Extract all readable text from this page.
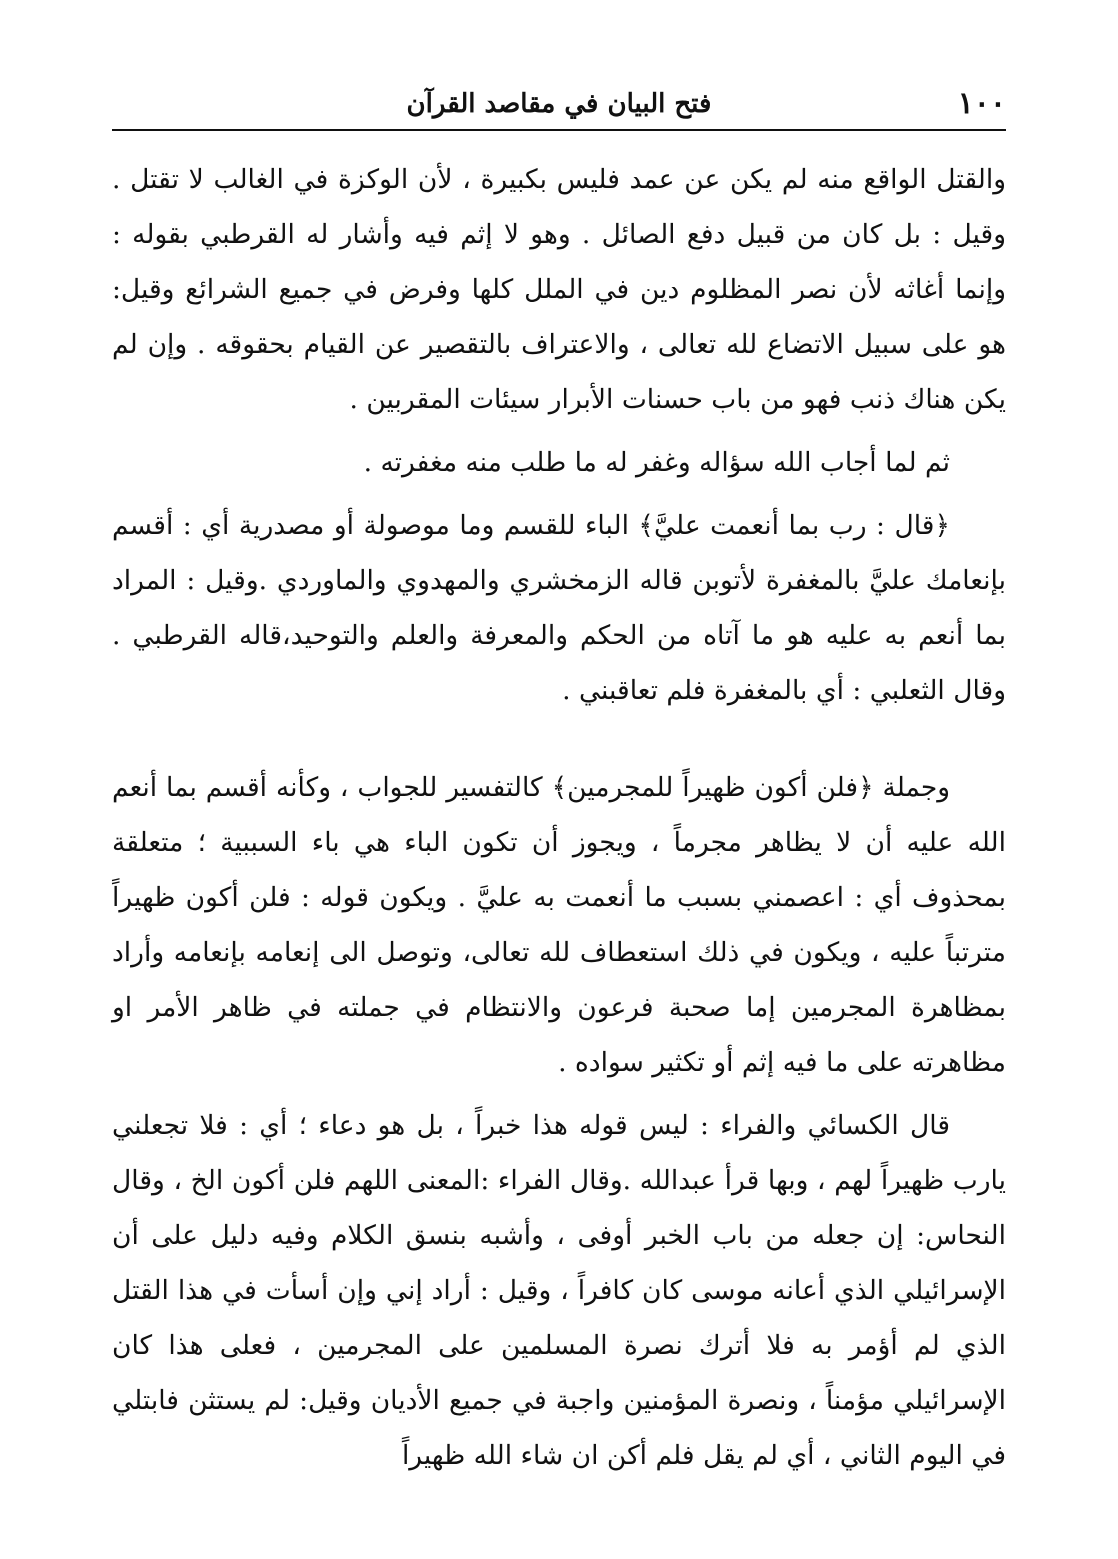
١٠٠
فتح البيان في مقاصد القرآن

والقتل الواقع منه لم يكن عن عمد فليس بكبيرة ، لأن الوكزة في الغالب لا تقتل . وقيل : بل كان من قبيل دفع الصائل . وهو لا إثم فيه وأشار له القرطبي بقوله : وإنما أغاثه لأن نصر المظلوم دين في الملل كلها وفرض في جميع الشرائع وقيل: هو على سبيل الاتضاع لله تعالى ، والاعتراف بالتقصير عن القيام بحقوقه . وإن لم يكن هناك ذنب فهو من باب حسنات الأبرار سيئات المقربين .

ثم لما أجاب الله سؤاله وغفر له ما طلب منه مغفرته .

﴿قال : رب بما أنعمت عليَّ﴾ الباء للقسم وما موصولة أو مصدرية أي : أقسم بإنعامك عليَّ بالمغفرة لأتوبن قاله الزمخشري والمهدوي والماوردي .وقيل : المراد بما أنعم به عليه هو ما آتاه من الحكم والمعرفة والعلم والتوحيد،قاله القرطبي . وقال الثعلبي : أي بالمغفرة فلم تعاقبني .

وجملة ﴿فلن أكون ظهيراً للمجرمين﴾ كالتفسير للجواب ، وكأنه أقسم بما أنعم الله عليه أن لا يظاهر مجرماً ، ويجوز أن تكون الباء هي باء السببية ؛ متعلقة بمحذوف أي : اعصمني بسبب ما أنعمت به عليَّ . ويكون قوله : فلن أكون ظهيراً مترتباً عليه ، ويكون في ذلك استعطاف لله تعالى، وتوصل الى إنعامه بإنعامه وأراد بمظاهرة المجرمين إما صحبة فرعون والانتظام في جملته في ظاهر الأمر او مظاهرته على ما فيه إثم أو تكثير سواده .

قال الكسائي والفراء : ليس قوله هذا خبراً ، بل هو دعاء ؛ أي : فلا تجعلني يارب ظهيراً لهم ، وبها قرأ عبدالله .وقال الفراء :المعنى اللهم فلن أكون الخ ، وقال النحاس: إن جعله من باب الخبر أوفى ، وأشبه بنسق الكلام وفيه دليل على أن الإسرائيلي الذي أعانه موسى كان كافراً ، وقيل : أراد إني وإن أسأت في هذا القتل الذي لم أؤمر به فلا أترك نصرة المسلمين على المجرمين ، فعلى هذا كان الإسرائيلي مؤمناً ، ونصرة المؤمنين واجبة في جميع الأديان وقيل: لم يستثن فابتلي في اليوم الثاني ، أي لم يقل فلم أكن ان شاء الله ظهيراً
